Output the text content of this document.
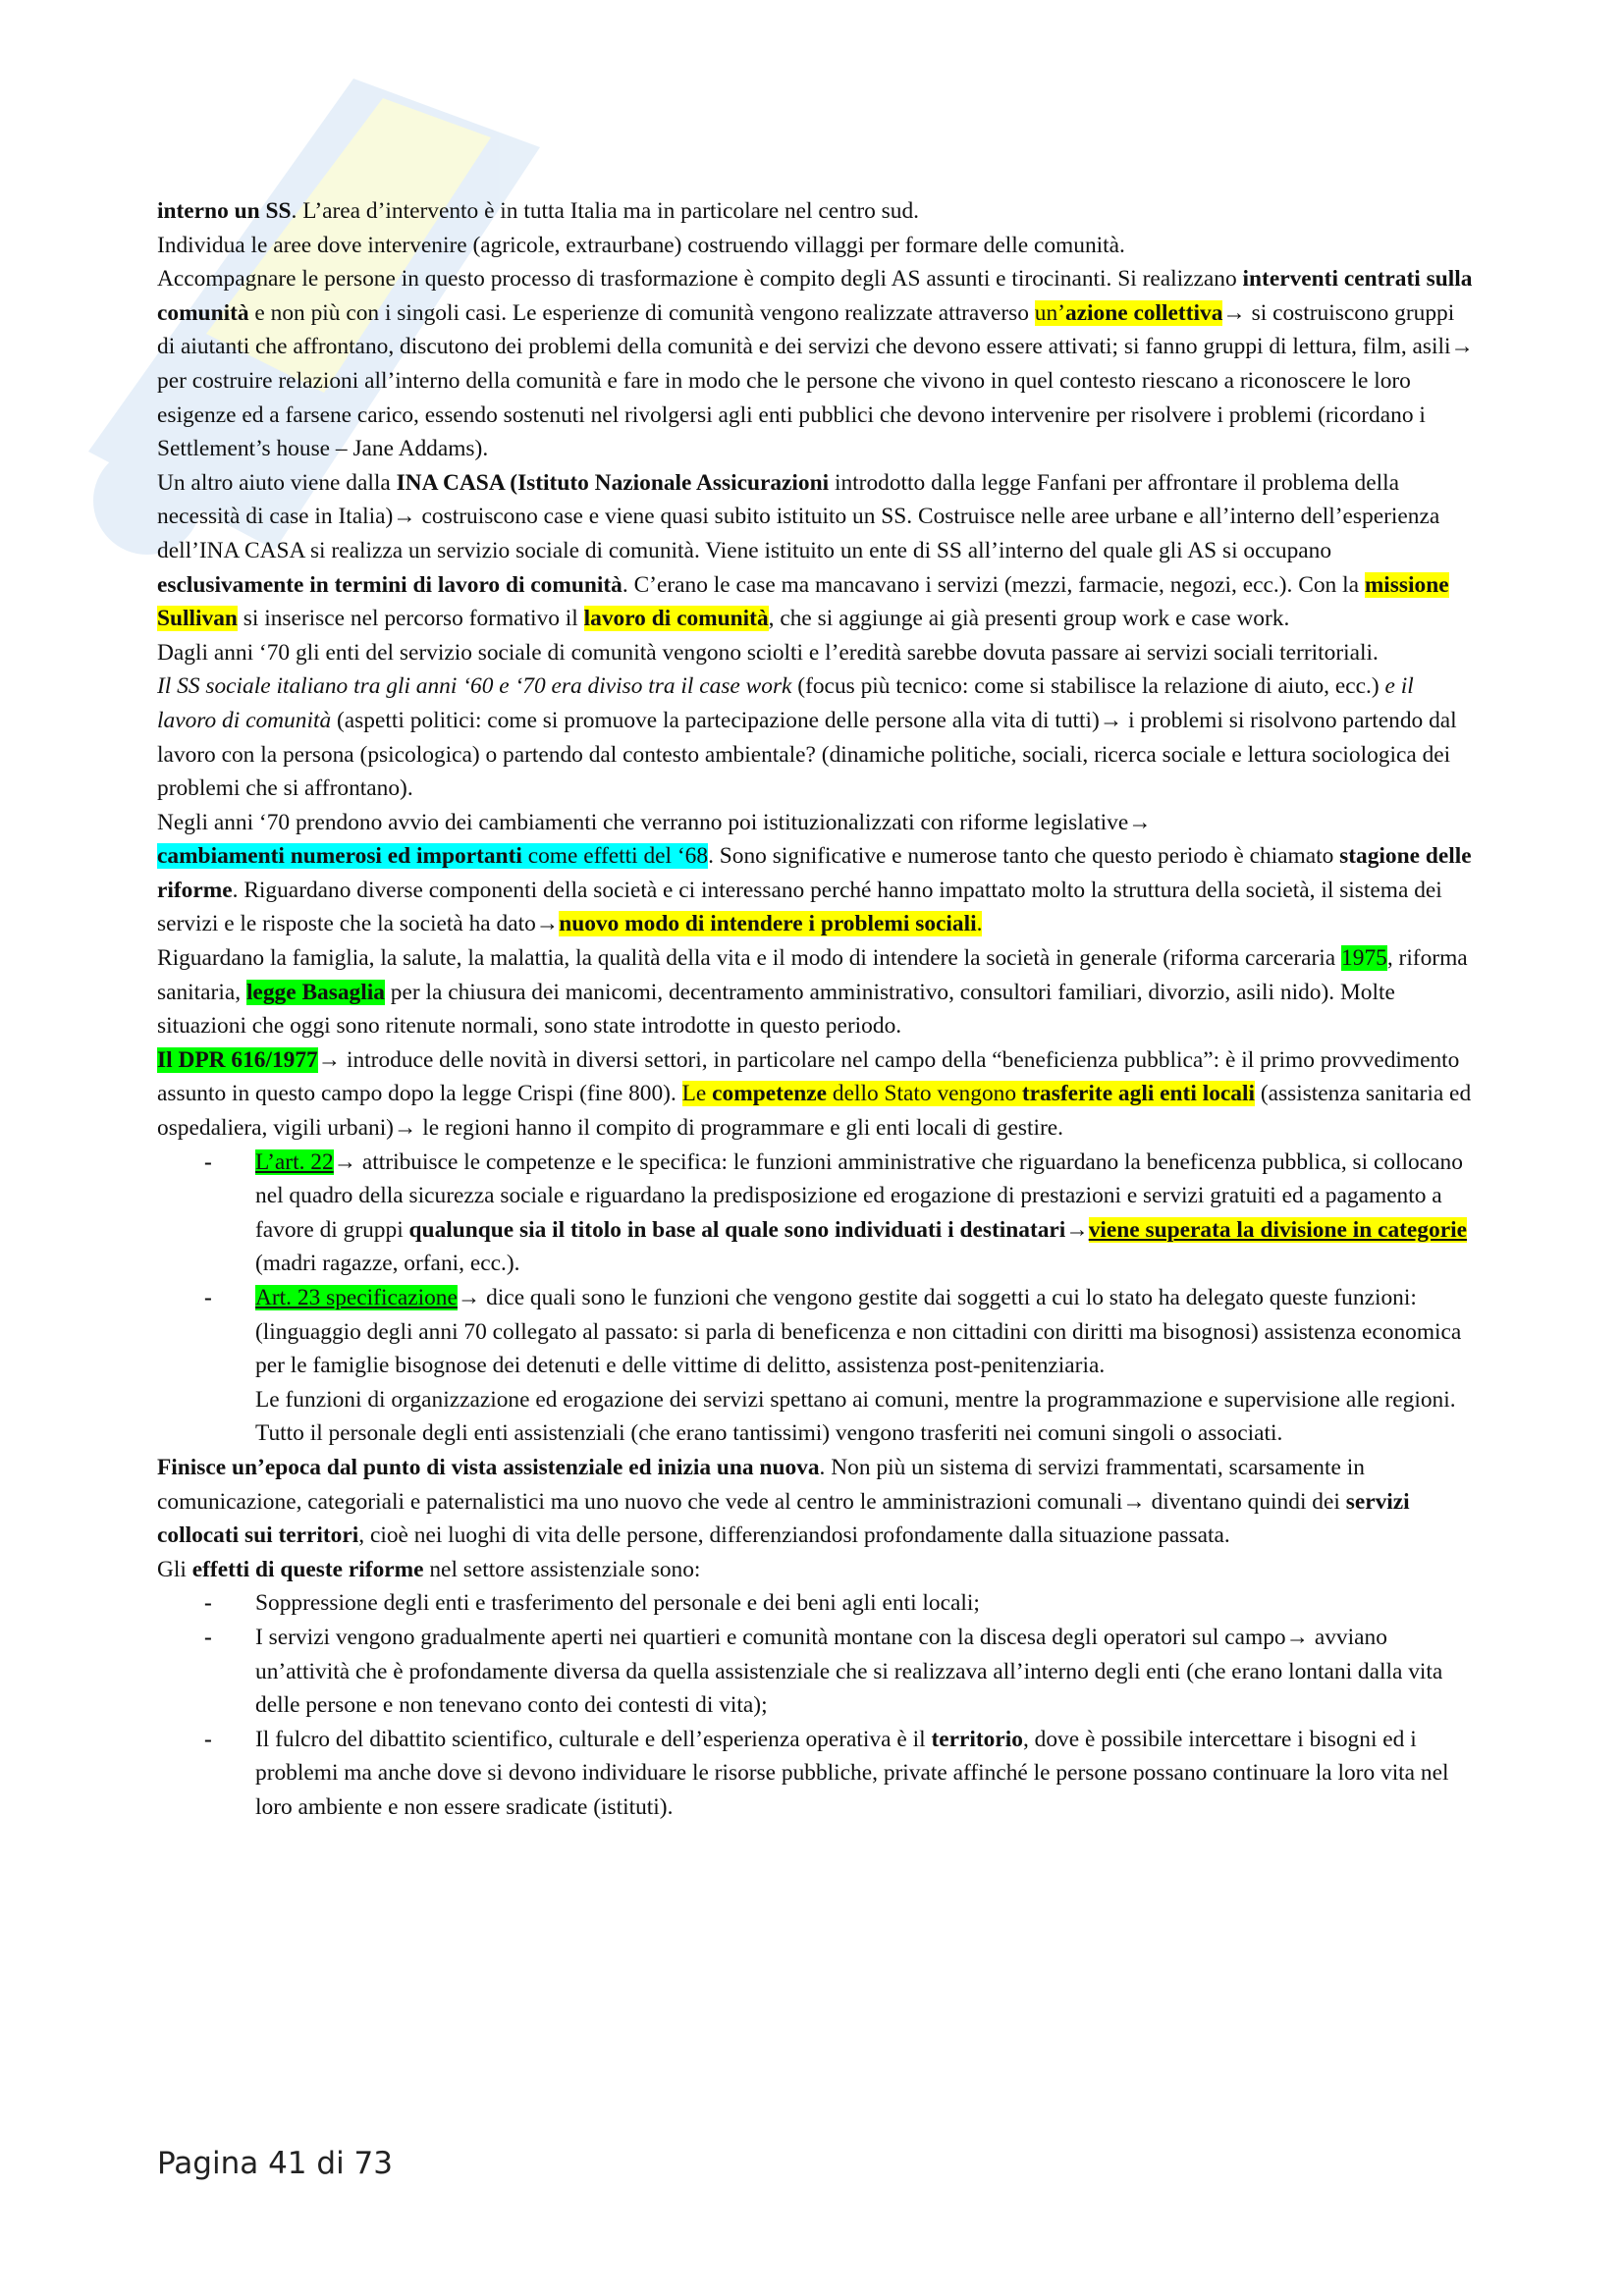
interno un SS. L’area d’intervento è in tutta Italia ma in particolare nel centro sud.

Individua le aree dove intervenire (agricole, extraurbane) costruendo villaggi per formare delle comunità.
Accompagnare le persone in questo processo di trasformazione è compito degli AS assunti e tirocinanti. Si realizzano interventi centrati sulla comunità e non più con i singoli casi. Le esperienze di comunità vengono realizzate attraverso un’azione collettiva→ si costruiscono gruppi di aiutanti che affrontano, discutono dei problemi della comunità e dei servizi che devono essere attivati; si fanno gruppi di lettura, film, asili→ per costruire relazioni all’interno della comunità e fare in modo che le persone che vivono in quel contesto riescano a riconoscere le loro esigenze ed a farsene carico, essendo sostenuti nel rivolgersi agli enti pubblici che devono intervenire per risolvere i problemi (ricordano i Settlement’s house – Jane Addams).

Un altro aiuto viene dalla INA CASA (Istituto Nazionale Assicurazioni introdotto dalla legge Fanfani per affrontare il problema della necessità di case in Italia)→ costruiscono case e viene quasi subito istituito un SS. Costruisce nelle aree urbane e all’interno dell’esperienza dell’INA CASA si realizza un servizio sociale di comunità. Viene istituito un ente di SS all’interno del quale gli AS si occupano esclusivamente in termini di lavoro di comunità. C’erano le case ma mancavano i servizi (mezzi, farmacie, negozi, ecc.). Con la missione Sullivan si inserisce nel percorso formativo il lavoro di comunità, che si aggiunge ai già presenti group work e case work.

Dagli anni ‘70 gli enti del servizio sociale di comunità vengono sciolti e l’eredità sarebbe dovuta passare ai servizi sociali territoriali.

Il SS sociale italiano tra gli anni ‘60 e ‘70 era diviso tra il case work (focus più tecnico: come si stabilisce la relazione di aiuto, ecc.) e il lavoro di comunità (aspetti politici: come si promuove la partecipazione delle persone alla vita di tutti)→ i problemi si risolvono partendo dal lavoro con la persona (psicologica) o partendo dal contesto ambientale? (dinamiche politiche, sociali, ricerca sociale e lettura sociologica dei problemi che si affrontano).

Negli anni ‘70 prendono avvio dei cambiamenti che verranno poi istituzionalizzati con riforme legislative→
cambiamenti numerosi ed importanti come effetti del ‘68. Sono significative e numerose tanto che questo periodo è chiamato stagione delle riforme. Riguardano diverse componenti della società e ci interessano perché hanno impattato molto la struttura della società, il sistema dei servizi e le risposte che la società ha dato→nuovo modo di intendere i problemi sociali.

Riguardano la famiglia, la salute, la malattia, la qualità della vita e il modo di intendere la società in generale (riforma carceraria 1975, riforma sanitaria, legge Basaglia per la chiusura dei manicomi, decentramento amministrativo, consultori familiari, divorzio, asili nido). Molte situazioni che oggi sono ritenute normali, sono state introdotte in questo periodo.

Il DPR 616/1977→ introduce delle novità in diversi settori, in particolare nel campo della “beneficienza pubblica”: è il primo provvedimento assunto in questo campo dopo la legge Crispi (fine 800). Le competenze dello Stato vengono trasferite agli enti locali (assistenza sanitaria ed ospedaliera, vigili urbani)→ le regioni hanno il compito di programmare e gli enti locali di gestire.

- L’art. 22→ attribuisce le competenze e le specifica: le funzioni amministrative che riguardano la beneficenza pubblica, si collocano nel quadro della sicurezza sociale e riguardano la predisposizione ed erogazione di prestazioni e servizi gratuiti ed a pagamento a favore di gruppi qualunque sia il titolo in base al quale sono individuati i destinatari→viene superata la divisione in categorie (madri ragazze, orfani, ecc.).
- Art. 23 specificazione→ dice quali sono le funzioni che vengono gestite dai soggetti a cui lo stato ha delegato queste funzioni: (linguaggio degli anni 70 collegato al passato: si parla di beneficenza e non cittadini con diritti ma bisognosi) assistenza economica per le famiglie bisognose dei detenuti e delle vittime di delitto, assistenza post-penitenziaria.
Le funzioni di organizzazione ed erogazione dei servizi spettano ai comuni, mentre la programmazione e supervisione alle regioni. Tutto il personale degli enti assistenziali (che erano tantissimi) vengono trasferiti nei comuni singoli o associati.

Finisce un’epoca dal punto di vista assistenziale ed inizia una nuova. Non più un sistema di servizi frammentati, scarsamente in comunicazione, categoriali e paternalistici ma uno nuovo che vede al centro le amministrazioni comunali→ diventano quindi dei servizi collocati sui territori, cioè nei luoghi di vita delle persone, differenziandosi profondamente dalla situazione passata.

Gli effetti di queste riforme nel settore assistenziale sono:

- Soppressione degli enti e trasferimento del personale e dei beni agli enti locali;
- I servizi vengono gradualmente aperti nei quartieri e comunità montane con la discesa degli operatori sul campo→ avviano un’attività che è profondamente diversa da quella assistenziale che si realizzava all’interno degli enti (che erano lontani dalla vita delle persone e non tenevano conto dei contesti di vita);
- Il fulcro del dibattito scientifico, culturale e dell’esperienza operativa è il territorio, dove è possibile intercettare i bisogni ed i problemi ma anche dove si devono individuare le risorse pubbliche, private affinché le persone possano continuare la loro vita nel loro ambiente e non essere sradicate (istituti).
Pagina 41 di 73
